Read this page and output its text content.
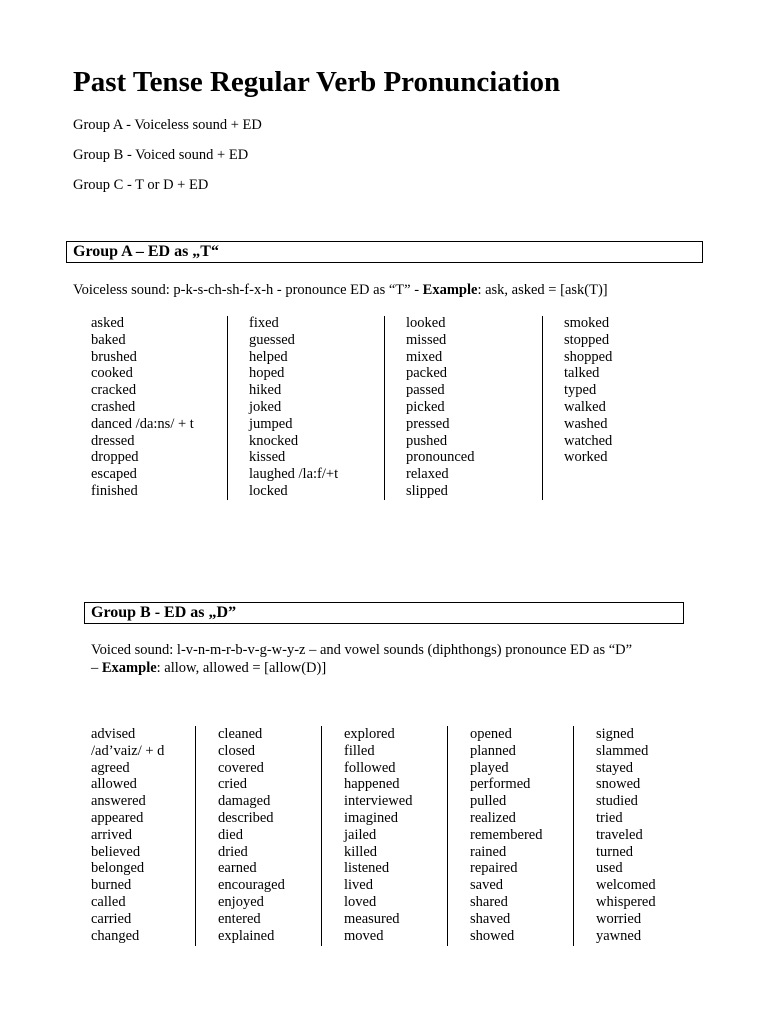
Past Tense Regular Verb Pronunciation
Group A - Voiceless sound + ED
Group B - Voiced sound + ED
Group C - T or D + ED
Group A – ED as „T“
Voiceless sound: p-k-s-ch-sh-f-x-h - pronounce ED as “T” - Example: ask, asked = [ask(T)]
asked
baked
brushed
cooked
cracked
crashed
danced /da:ns/ + t
dressed
dropped
escaped
finished
fixed
guessed
helped
hoped
hiked
joked
jumped
knocked
kissed
laughed /la:f/+t
locked
looked
missed
mixed
packed
passed
picked
pressed
pushed
pronounced
relaxed
slipped
smoked
stopped
shopped
talked
typed
walked
washed
watched
worked
Group B - ED as „D”
Voiced sound: l-v-n-m-r-b-v-g-w-y-z – and vowel sounds (diphthongs) pronounce ED as “D”
– Example: allow, allowed = [allow(D)]
advised
/ad’vaiz/ + d
agreed
allowed
answered
appeared
arrived
believed
belonged
burned
called
carried
changed
cleaned
closed
covered
cried
damaged
described
died
dried
earned
encouraged
enjoyed
entered
explained
explored
filled
followed
happened
interviewed
imagined
jailed
killed
listened
lived
loved
measured
moved
opened
planned
played
performed
pulled
realized
remembered
rained
repaired
saved
shared
shaved
showed
signed
slammed
stayed
snowed
studied
tried
traveled
turned
used
welcomed
whispered
worried
yawned
